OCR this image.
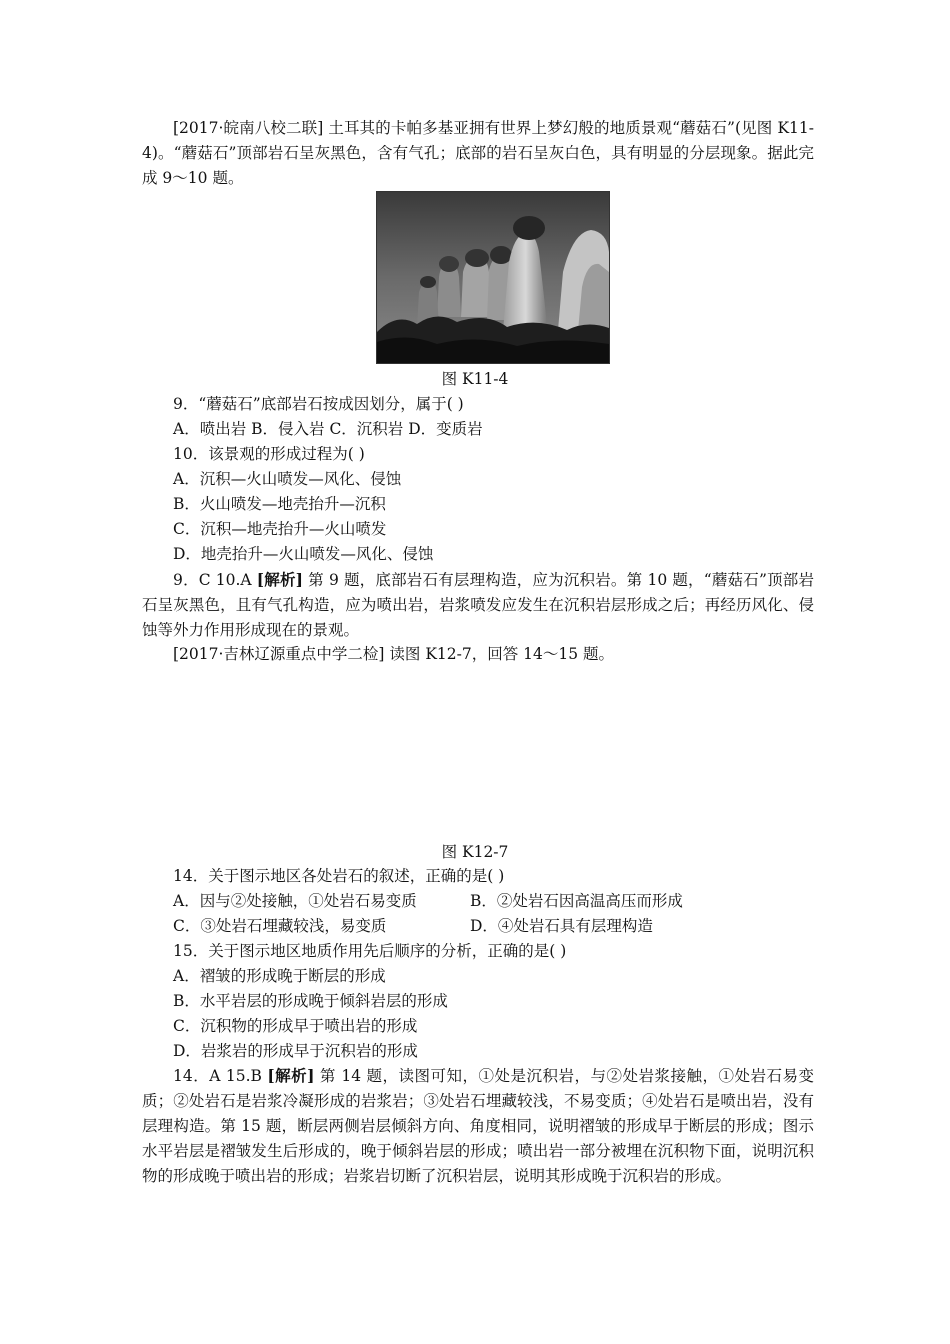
[2017·皖南八校二联] 土耳其的卡帕多基亚拥有世界上梦幻般的地质景观“蘑菇石”(见图 K11-4)。“蘑菇石”顶部岩石呈灰黑色，含有气孔；底部的岩石呈灰白色，具有明显的分层现象。据此完成 9～10 题。

图 K11-4
9．“蘑菇石”底部岩石按成因划分，属于( )
A．喷出岩 B．侵入岩 C．沉积岩 D．变质岩
10．该景观的形成过程为( )
A．沉积—火山喷发—风化、侵蚀
B．火山喷发—地壳抬升—沉积
C．沉积—地壳抬升—火山喷发
D．地壳抬升—火山喷发—风化、侵蚀

9．C 10.A [解析] 第 9 题，底部岩石有层理构造，应为沉积岩。第 10 题，“蘑菇石”顶部岩石呈灰黑色，且有气孔构造，应为喷出岩，岩浆喷发应发生在沉积岩层形成之后；再经历风化、侵蚀等外力作用形成现在的景观。

[2017·吉林辽源重点中学二检] 读图 K12-7，回答 14～15 题。

图 K12-7
14．关于图示地区各处岩石的叙述，正确的是( )
A．因与②处接触，①处岩石易变质	B．②处岩石因高温高压而形成
C．③处岩石埋藏较浅，易变质	D．④处岩石具有层理构造
15．关于图示地区地质作用先后顺序的分析，正确的是( )
A．褶皱的形成晚于断层的形成
B．水平岩层的形成晚于倾斜岩层的形成
C．沉积物的形成早于喷出岩的形成
D．岩浆岩的形成早于沉积岩的形成

14．A 15.B [解析] 第 14 题，读图可知，①处是沉积岩，与②处岩浆接触，①处岩石易变质；②处岩石是岩浆冷凝形成的岩浆岩；③处岩石埋藏较浅，不易变质；④处岩石是喷出岩，没有层理构造。第 15 题，断层两侧岩层倾斜方向、角度相同，说明褶皱的形成早于断层的形成；图示水平岩层是褶皱发生后形成的，晚于倾斜岩层的形成；喷出岩一部分被埋在沉积物下面，说明沉积物的形成晚于喷出岩的形成；岩浆岩切断了沉积岩层，说明其形成晚于沉积岩的形成。
